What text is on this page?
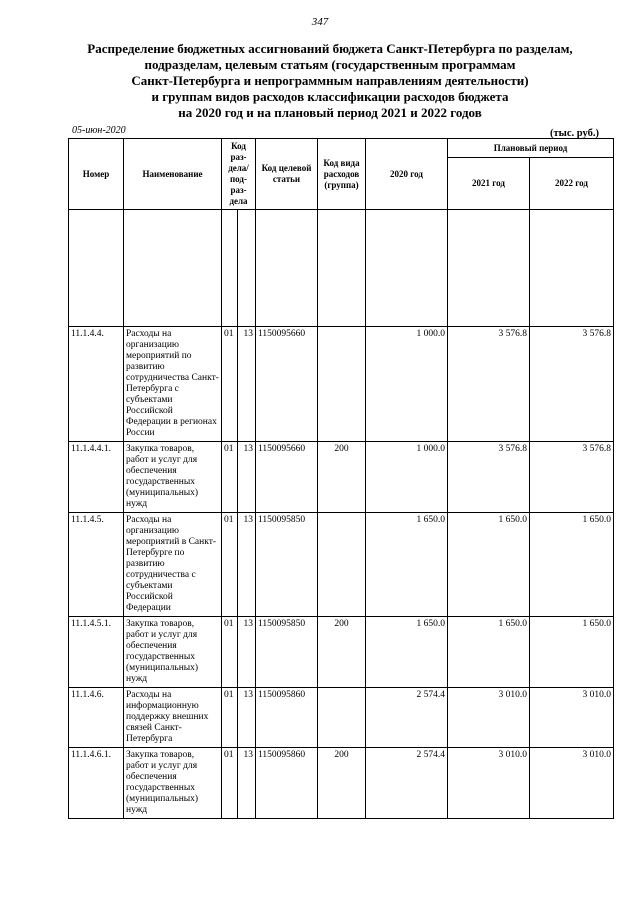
347
Распределение бюджетных ассигнований бюджета Санкт-Петербурга по разделам,
подразделам, целевым статьям (государственным программам
Санкт-Петербурга и непрограммным направлениям деятельности)
и группам видов расходов классификации расходов бюджета
на 2020 год и на плановый период 2021 и 2022 годов
05-июн-2020	(тыс. руб.)
Номер	Наименование	Код раз-дела/ под-раз-дела		Код целевой статьи	Код вида расходов (группа)	2020 год	Плановый период	
							2021 год	2022 год

11.1.4.4.	Расходы на организацию мероприятий по развитию сотрудничества Санкт-Петербурга с субъектами Российской Федерации в регионах России	01	13	1150095660		1 000.0	3 576.8	3 576.8
11.1.4.4.1.	Закупка товаров, работ и услуг для обеспечения государственных (муниципальных) нужд	01	13	1150095660	200	1 000.0	3 576.8	3 576.8
11.1.4.5.	Расходы на организацию мероприятий в Санкт-Петербурге по развитию сотрудничества с субъектами Российской Федерации	01	13	1150095850		1 650.0	1 650.0	1 650.0
11.1.4.5.1.	Закупка товаров, работ и услуг для обеспечения государственных (муниципальных) нужд	01	13	1150095850	200	1 650.0	1 650.0	1 650.0
11.1.4.6.	Расходы на информационную поддержку внешних связей Санкт-Петербурга	01	13	1150095860		2 574.4	3 010.0	3 010.0
11.1.4.6.1.	Закупка товаров, работ и услуг для обеспечения государственных (муниципальных) нужд	01	13	1150095860	200	2 574.4	3 010.0	3 010.0
